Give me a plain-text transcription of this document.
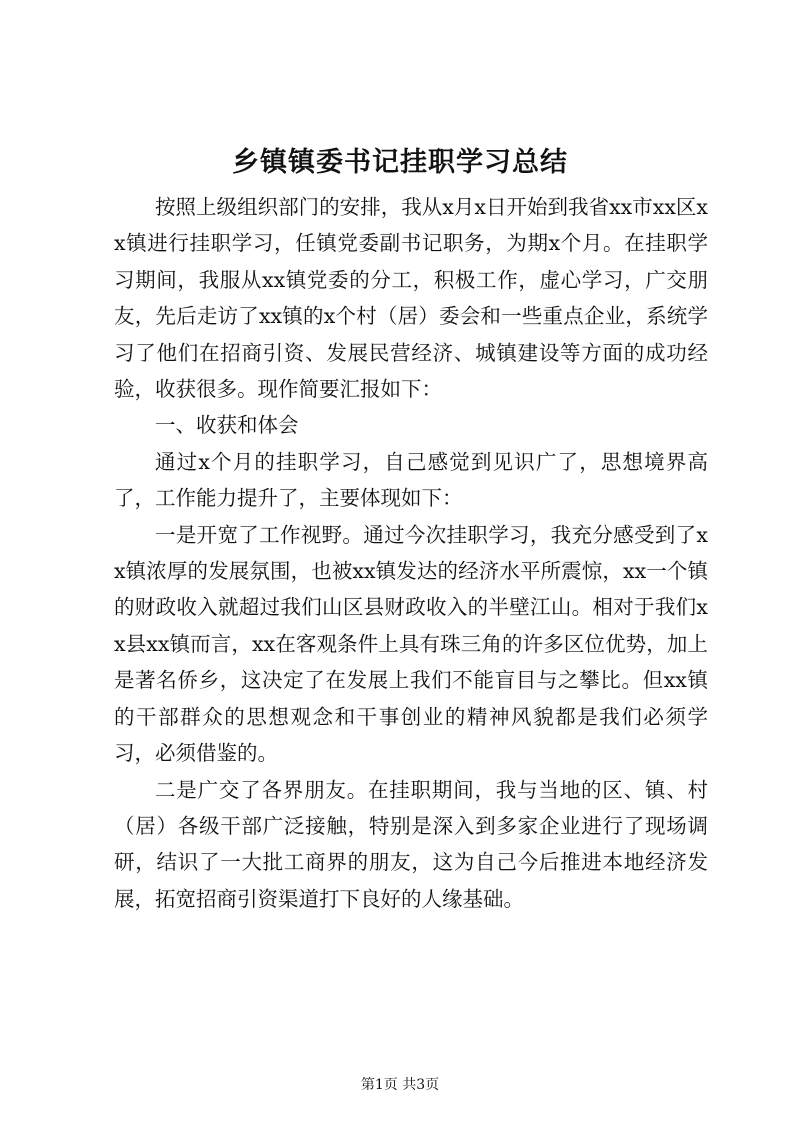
乡镇镇委书记挂职学习总结

按照上级组织部门的安排，我从x月x日开始到我省xx市xx区xx镇进行挂职学习，任镇党委副书记职务，为期x个月。在挂职学习期间，我服从xx镇党委的分工，积极工作，虚心学习，广交朋友，先后走访了xx镇的x个村（居）委会和一些重点企业，系统学习了他们在招商引资、发展民营经济、城镇建设等方面的成功经验，收获很多。现作简要汇报如下：

一、收获和体会

通过x个月的挂职学习，自己感觉到见识广了，思想境界高了，工作能力提升了，主要体现如下：

一是开宽了工作视野。通过今次挂职学习，我充分感受到了xx镇浓厚的发展氛围，也被xx镇发达的经济水平所震惊，xx一个镇的财政收入就超过我们山区县财政收入的半壁江山。相对于我们xx县xx镇而言，xx在客观条件上具有珠三角的许多区位优势，加上是著名侨乡，这决定了在发展上我们不能盲目与之攀比。但xx镇的干部群众的思想观念和干事创业的精神风貌都是我们必须学习，必须借鉴的。

二是广交了各界朋友。在挂职期间，我与当地的区、镇、村（居）各级干部广泛接触，特别是深入到多家企业进行了现场调研，结识了一大批工商界的朋友，这为自己今后推进本地经济发展，拓宽招商引资渠道打下良好的人缘基础。

第1页 共3页
